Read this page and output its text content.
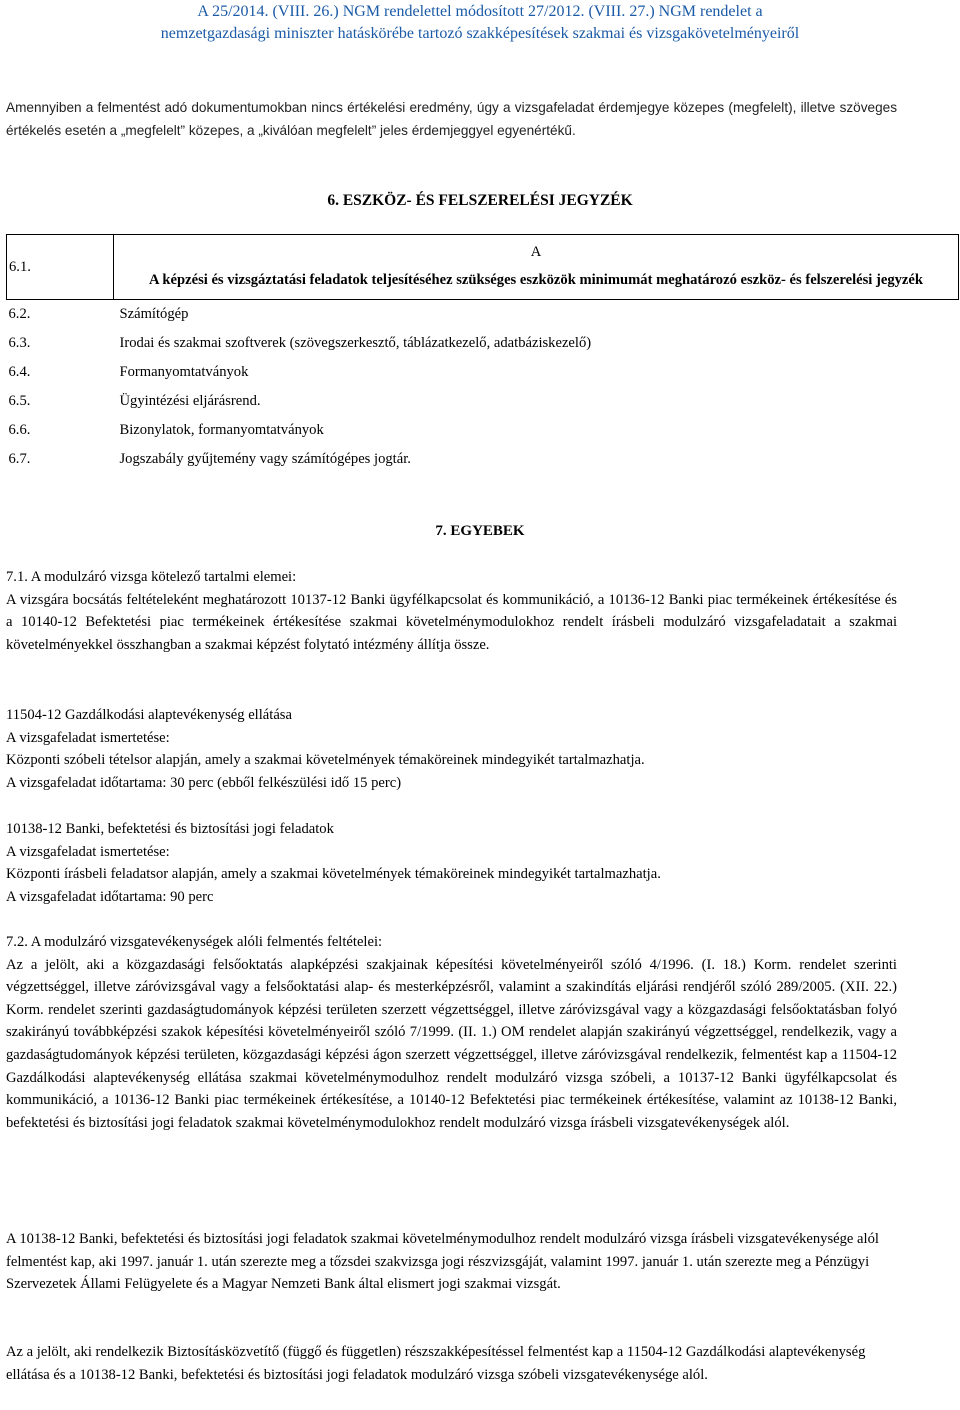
A 25/2014. (VIII. 26.) NGM rendelettel módosított 27/2012. (VIII. 27.) NGM rendelet a
nemzetgazdasági miniszter hatáskörébe tartozó szakképesítések szakmai és vizsgakövetelményeiről
Amennyiben a felmentést adó dokumentumokban nincs értékelési eredmény, úgy a vizsgafeladat érdemjegye közepes (megfelelt), illetve szöveges értékelés esetén a „megfelelt” közepes, a „kiválóan megfelelt” jeles érdemjeggyel egyenértékű.
6. ESZKÖZ- ÉS FELSZERELÉSI JEGYZÉK
6.1.	A
	A képzési és vizsgáztatási feladatok teljesítéséhez szükséges eszközök minimumát meghatározó eszköz- és felszerelési jegyzék
6.2.	Számítógép
6.3.	Irodai és szakmai szoftverek (szövegszerkesztő, táblázatkezelő, adatbáziskezelő)
6.4.	Formanyomtatványok
6.5.	Ügyintézési eljárásrend.
6.6.	Bizonylatok, formanyomtatványok
6.7.	Jogszabály gyűjtemény vagy számítógépes jogtár.
7. EGYEBEK

7.1. A modulzáró vizsga kötelező tartalmi elemei:

A vizsgára bocsátás feltételeként meghatározott 10137-12 Banki ügyfélkapcsolat és kommunikáció, a 10136-12 Banki piac termékeinek értékesítése és a 10140-12 Befektetési piac termékeinek értékesítése szakmai követelménymodulokhoz rendelt írásbeli modulzáró vizsgafeladatait a szakmai követelményekkel összhangban a szakmai képzést folytató intézmény állítja össze.

11504-12 Gazdálkodási alaptevékenység ellátása

A vizsgafeladat ismertetése:

Központi szóbeli tételsor alapján, amely a szakmai követelmények témaköreinek mindegyikét tartalmazhatja.

A vizsgafeladat időtartama: 30 perc (ebből felkészülési idő 15 perc)

10138-12 Banki, befektetési és biztosítási jogi feladatok

A vizsgafeladat ismertetése:

Központi írásbeli feladatsor alapján, amely a szakmai követelmények témaköreinek mindegyikét tartalmazhatja.

A vizsgafeladat időtartama: 90 perc

7.2. A modulzáró vizsgatevékenységek alóli felmentés feltételei:

Az a jelölt, aki a közgazdasági felsőoktatás alapképzési szakjainak képesítési követelményeiről szóló 4/1996. (I. 18.) Korm. rendelet szerinti végzettséggel, illetve záróvizsgával vagy a felsőoktatási alap- és mesterképzésről, valamint a szakindítás eljárási rendjéről szóló 289/2005. (XII. 22.) Korm. rendelet szerinti gazdaságtudományok képzési területen szerzett végzettséggel, illetve záróvizsgával vagy a közgazdasági felsőoktatásban folyó szakirányú továbbképzési szakok képesítési követelményeiről szóló 7/1999. (II. 1.) OM rendelet alapján szakirányú végzettséggel, rendelkezik, vagy a gazdaságtudományok képzési területen, közgazdasági képzési ágon szerzett végzettséggel, illetve záróvizsgával rendelkezik, felmentést kap a 11504-12 Gazdálkodási alaptevékenység ellátása szakmai követelménymodulhoz rendelt modulzáró vizsga szóbeli, a 10137-12 Banki ügyfélkapcsolat és kommunikáció, a 10136-12 Banki piac termékeinek értékesítése, a 10140-12 Befektetési piac termékeinek értékesítése, valamint az 10138-12 Banki, befektetési és biztosítási jogi feladatok szakmai követelménymodulokhoz rendelt modulzáró vizsga írásbeli vizsgatevékenységek alól.

A 10138-12 Banki, befektetési és biztosítási jogi feladatok szakmai követelménymodulhoz rendelt modulzáró vizsga írásbeli vizsgatevékenysége alól felmentést kap, aki 1997. január 1. után szerezte meg a tőzsdei szakvizsga jogi részvizsgáját, valamint 1997. január 1. után szerezte meg a Pénzügyi Szervezetek Állami Felügyelete és a Magyar Nemzeti Bank által elismert jogi szakmai vizsgát.
Az a jelölt, aki rendelkezik Biztosításközvetítő (függő és független) részszakképesítéssel felmentést kap a 11504-12 Gazdálkodási alaptevékenység ellátása és a 10138-12 Banki, befektetési és biztosítási jogi feladatok modulzáró vizsga szóbeli vizsgatevékenysége alól.
